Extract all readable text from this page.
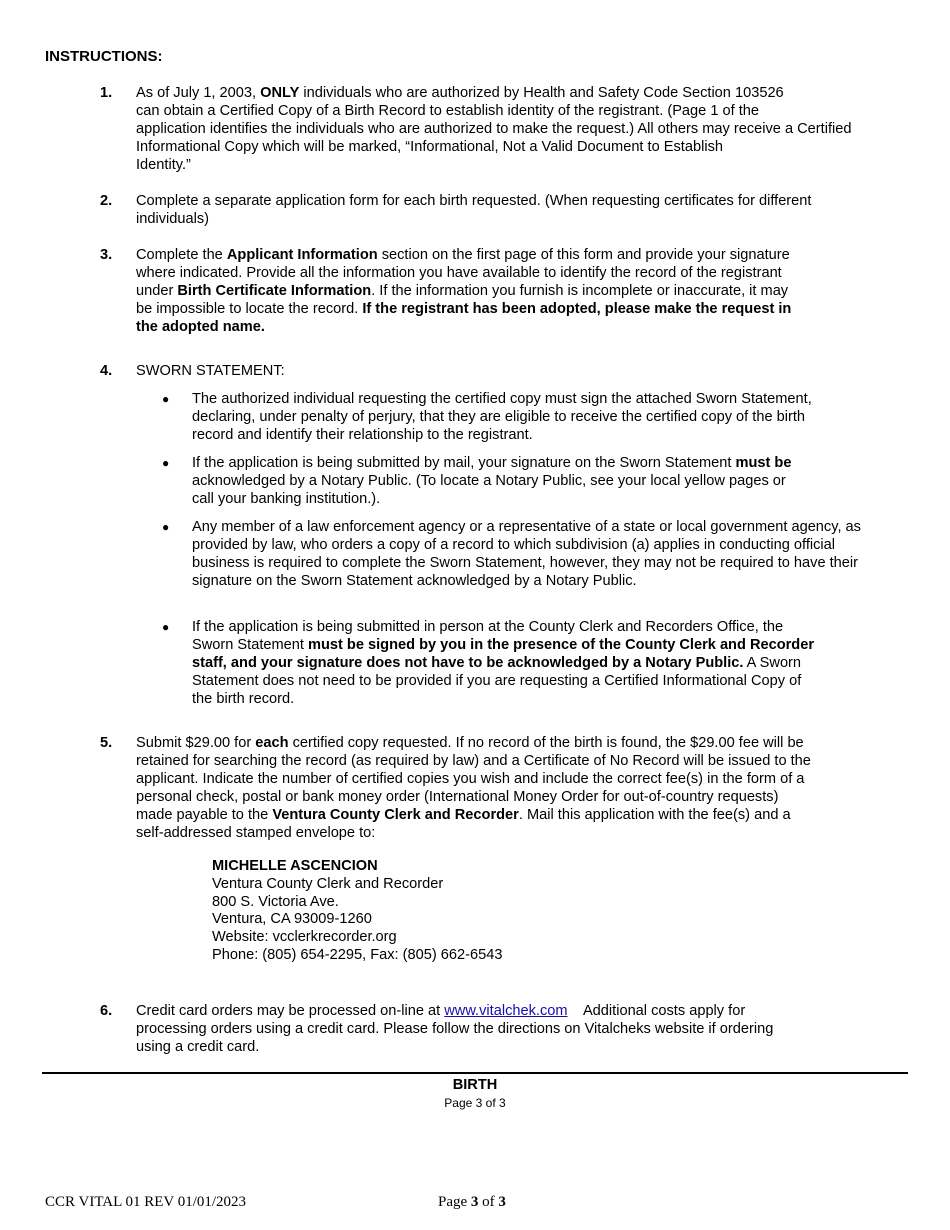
INSTRUCTIONS:
1.	As of July 1, 2003, ONLY individuals who are authorized by Health and Safety Code Section 103526
can obtain a Certified Copy of a Birth Record to establish identity of the registrant. (Page 1 of the
application identifies the individuals who are authorized to make the request.) All others may receive a Certified
Informational Copy which will be marked, “Informational, Not a Valid Document to Establish
Identity.”
2.	Complete a separate application form for each birth requested. (When requesting certificates for different
individuals)
3.	Complete the Applicant Information section on the first page of this form and provide your signature
where indicated. Provide all the information you have available to identify the record of the registrant
under Birth Certificate Information. If the information you furnish is incomplete or inaccurate, it may
be impossible to locate the record. If the registrant has been adopted, please make the request in
the adopted name.
4.	SWORN STATEMENT:
● The authorized individual requesting the certified copy must sign the attached Sworn Statement,
declaring, under penalty of perjury, that they are eligible to receive the certified copy of the birth
record and identify their relationship to the registrant.
● If the application is being submitted by mail, your signature on the Sworn Statement must be
acknowledged by a Notary Public. (To locate a Notary Public, see your local yellow pages or
call your banking institution.).
● Any member of a law enforcement agency or a representative of a state or local government agency, as
provided by law, who orders a copy of a record to which subdivision (a) applies in conducting official
business is required to complete the Sworn Statement, however, they may not be required to have their
signature on the Sworn Statement acknowledged by a Notary Public.
● If the application is being submitted in person at the County Clerk and Recorders Office, the
Sworn Statement must be signed by you in the presence of the County Clerk and Recorder
staff, and your signature does not have to be acknowledged by a Notary Public. A Sworn
Statement does not need to be provided if you are requesting a Certified Informational Copy of
the birth record.
5.	Submit $29.00 for each certified copy requested. If no record of the birth is found, the $29.00 fee will be
retained for searching the record (as required by law) and a Certificate of No Record will be issued to the
applicant. Indicate the number of certified copies you wish and include the correct fee(s) in the form of a
personal check, postal or bank money order (International Money Order for out-of-country requests)
made payable to the Ventura County Clerk and Recorder. Mail this application with the fee(s) and a
self-addressed stamped envelope to:
MICHELLE ASCENCION
Ventura County Clerk and Recorder
800 S. Victoria Ave.
Ventura, CA 93009-1260
Website: vcclerkrecorder.org
Phone: (805) 654-2295, Fax: (805) 662-6543
6.	Credit card orders may be processed on-line at www.vitalchek.com    Additional costs apply for
processing orders using a credit card. Please follow the directions on Vitalcheks website if ordering
using a credit card.
BIRTH
Page 3 of 3
CCR VITAL 01 REV 01/01/2023	Page 3 of 3
